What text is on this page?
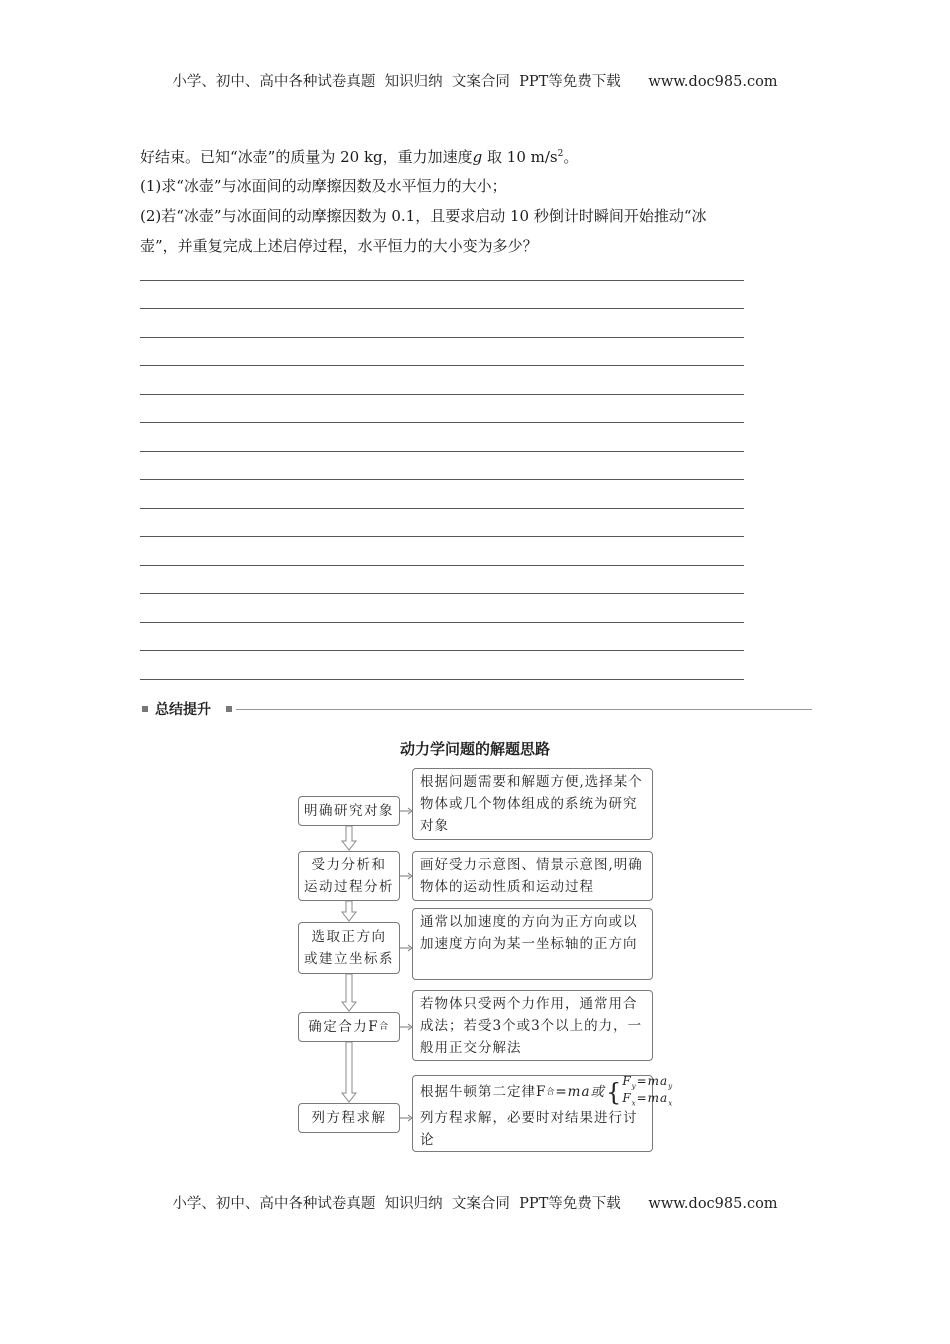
小学、初中、高中各种试卷真题  知识归纳  文案合同  PPT等免费下载      www.doc985.com
好结束。已知“冰壶”的质量为 20 kg，重力加速度g 取 10 $m/s^2$。
(1)求“冰壶”与冰面间的动摩擦因数及水平恒力的大小；
(2)若“冰壶”与冰面间的动摩擦因数为 0.1，且要求启动 10 秒倒计时瞬间开始推动“冰
壶”，并重复完成上述启停过程，水平恒力的大小变为多少？
总结提升
动力学问题的解题思路
明确研究对象
根据问题需要和解题方便,选择某个物体或几个物体组成的系统为研究对象
受力分析和
运动过程分析
画好受力示意图、情景示意图,明确物体的运动性质和运动过程
选取正方向
或建立坐标系
通常以加速度的方向为正方向或以加速度方向为某一坐标轴的正方向
确定合力F 合
若物体只受两个力作用，通常用合成法；若受3个或3个以上的力，一般用正交分解法
列方程求解
根据牛顿第二定律F 合 =ma或 { $F_y=ma_y$
$F_x=ma_x$
列方程求解，必要时对结果进行讨论
小学、初中、高中各种试卷真题  知识归纳  文案合同  PPT等免费下载      www.doc985.com
